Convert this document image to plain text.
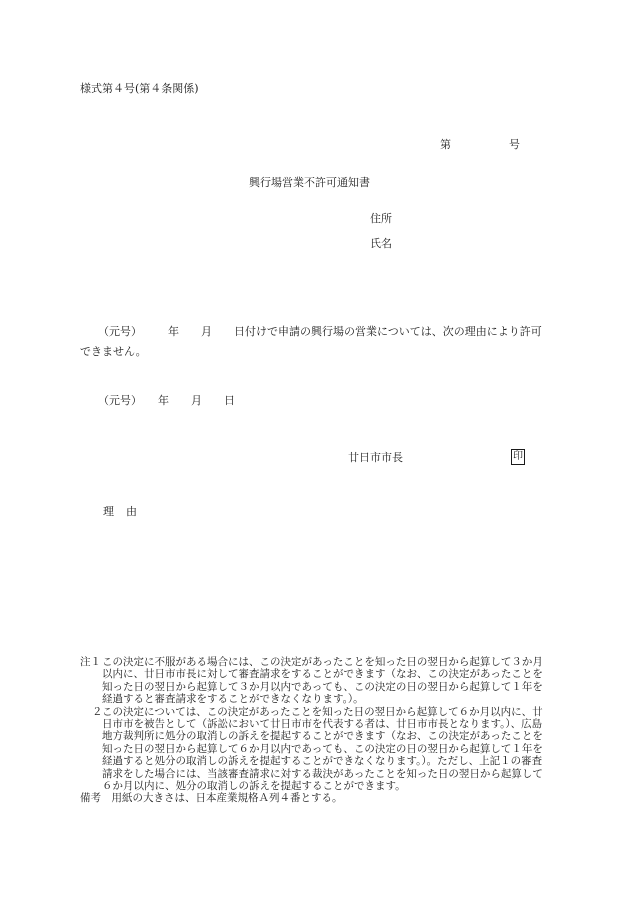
様式第４号(第４条関係)
第	号
興行場営業不許可通知書
住所
氏名
（元号） 年 月 日付けで申請の興行場の営業については、次の理由により許可できません。
（元号） 年 月 日
廿日市市長	印
理 由
注１ この決定に不服がある場合には、この決定があったことを知った日の翌日から起算して３か月以内に、廿日市市長に対して審査請求をすることができます（なお、この決定があったことを知った日の翌日から起算して３か月以内であっても、この決定の日の翌日から起算して１年を経過すると審査請求をすることができなくなります。）。
２ この決定については、この決定があったことを知った日の翌日から起算して６か月以内に、廿日市市を被告として（訴訟において廿日市市を代表する者は、廿日市市長となります。）、広島地方裁判所に処分の取消しの訴えを提起することができます（なお、この決定があったことを知った日の翌日から起算して６か月以内であっても、この決定の日の翌日から起算して１年を経過すると処分の取消しの訴えを提起することができなくなります。）。ただし、上記１の審査請求をした場合には、当該審査請求に対する裁決があったことを知った日の翌日から起算して６か月以内に、処分の取消しの訴えを提起することができます。
備考　 用紙の大きさは、日本産業規格Ａ列４番とする。
